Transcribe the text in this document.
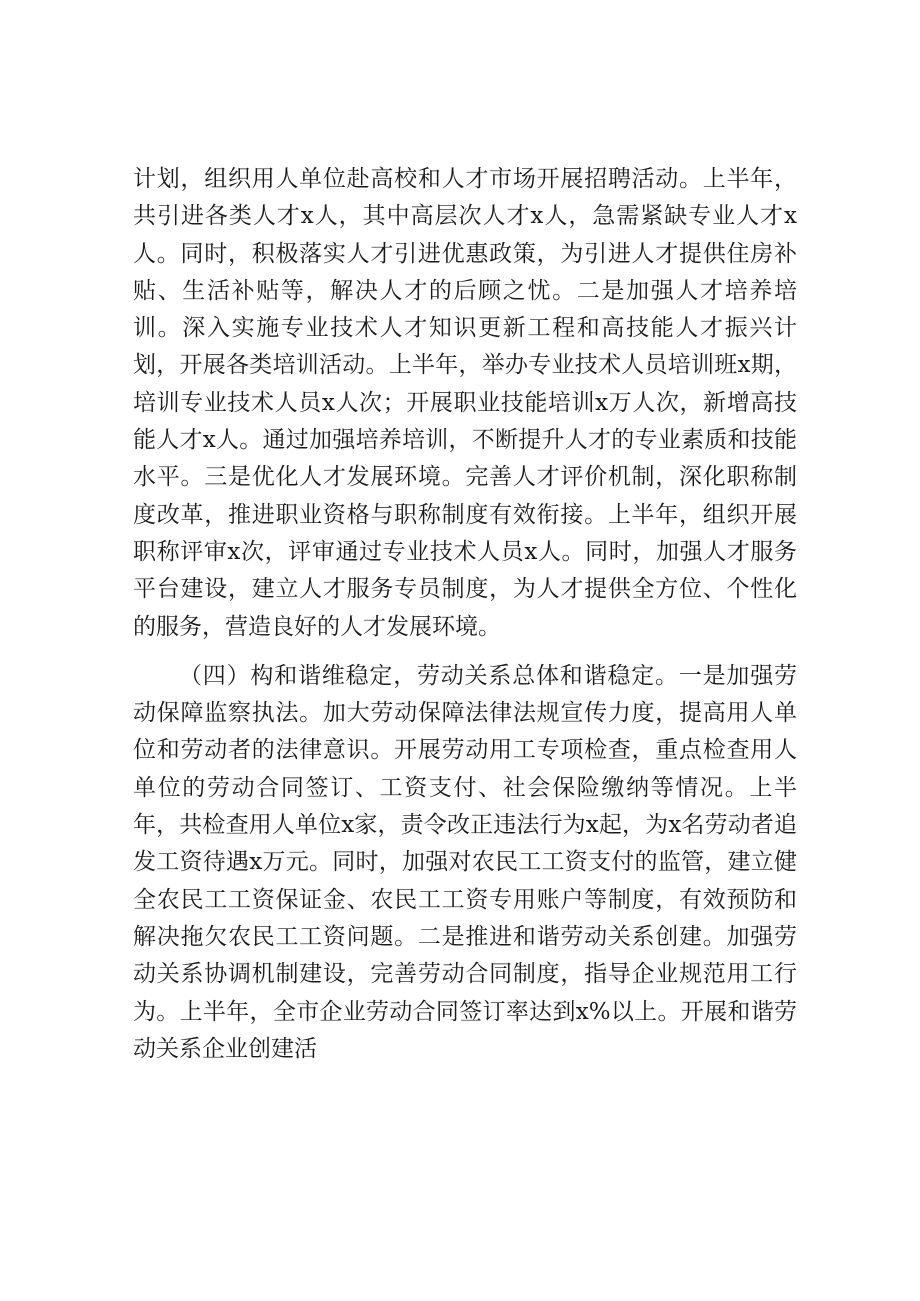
计划，组织用人单位赴高校和人才市场开展招聘活动。上半年，共引进各类人才x人，其中高层次人才x人，急需紧缺专业人才x人。同时，积极落实人才引进优惠政策，为引进人才提供住房补贴、生活补贴等，解决人才的后顾之忧。二是加强人才培养培训。深入实施专业技术人才知识更新工程和高技能人才振兴计划，开展各类培训活动。上半年，举办专业技术人员培训班x期，培训专业技术人员x人次；开展职业技能培训x万人次，新增高技能人才x人。通过加强培养培训，不断提升人才的专业素质和技能水平。三是优化人才发展环境。完善人才评价机制，深化职称制度改革，推进职业资格与职称制度有效衔接。上半年，组织开展职称评审x次，评审通过专业技术人员x人。同时，加强人才服务平台建设，建立人才服务专员制度，为人才提供全方位、个性化的服务，营造良好的人才发展环境。

（四）构和谐维稳定，劳动关系总体和谐稳定。一是加强劳动保障监察执法。加大劳动保障法律法规宣传力度，提高用人单位和劳动者的法律意识。开展劳动用工专项检查，重点检查用人单位的劳动合同签订、工资支付、社会保险缴纳等情况。上半年，共检查用人单位x家，责令改正违法行为x起，为x名劳动者追发工资待遇x万元。同时，加强对农民工工资支付的监管，建立健全农民工工资保证金、农民工工资专用账户等制度，有效预防和解决拖欠农民工工资问题。二是推进和谐劳动关系创建。加强劳动关系协调机制建设，完善劳动合同制度，指导企业规范用工行为。上半年，全市企业劳动合同签订率达到x%以上。开展和谐劳动关系企业创建活
